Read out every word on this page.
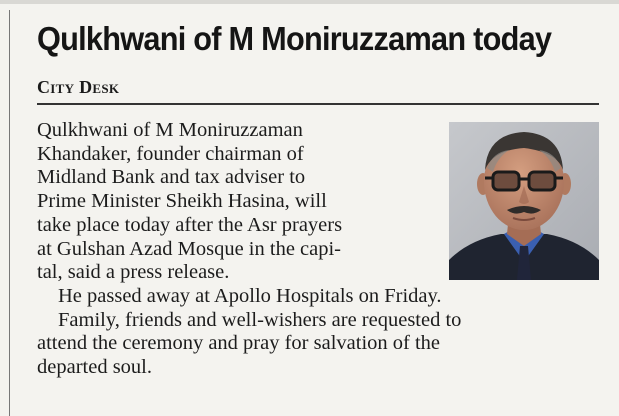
Qulkhwani of M Moniruzzaman today
City Desk
Qulkhwani of M Moniruzzaman
Khandaker, founder chairman of
Midland Bank and tax adviser to
Prime Minister Sheikh Hasina, will
take place today after the Asr prayers
at Gulshan Azad Mosque in the capi-
tal, said a press release.
He passed away at Apollo Hospitals on Friday.
Family, friends and well-wishers are requested to
attend the ceremony and pray for salvation of the
departed soul.
